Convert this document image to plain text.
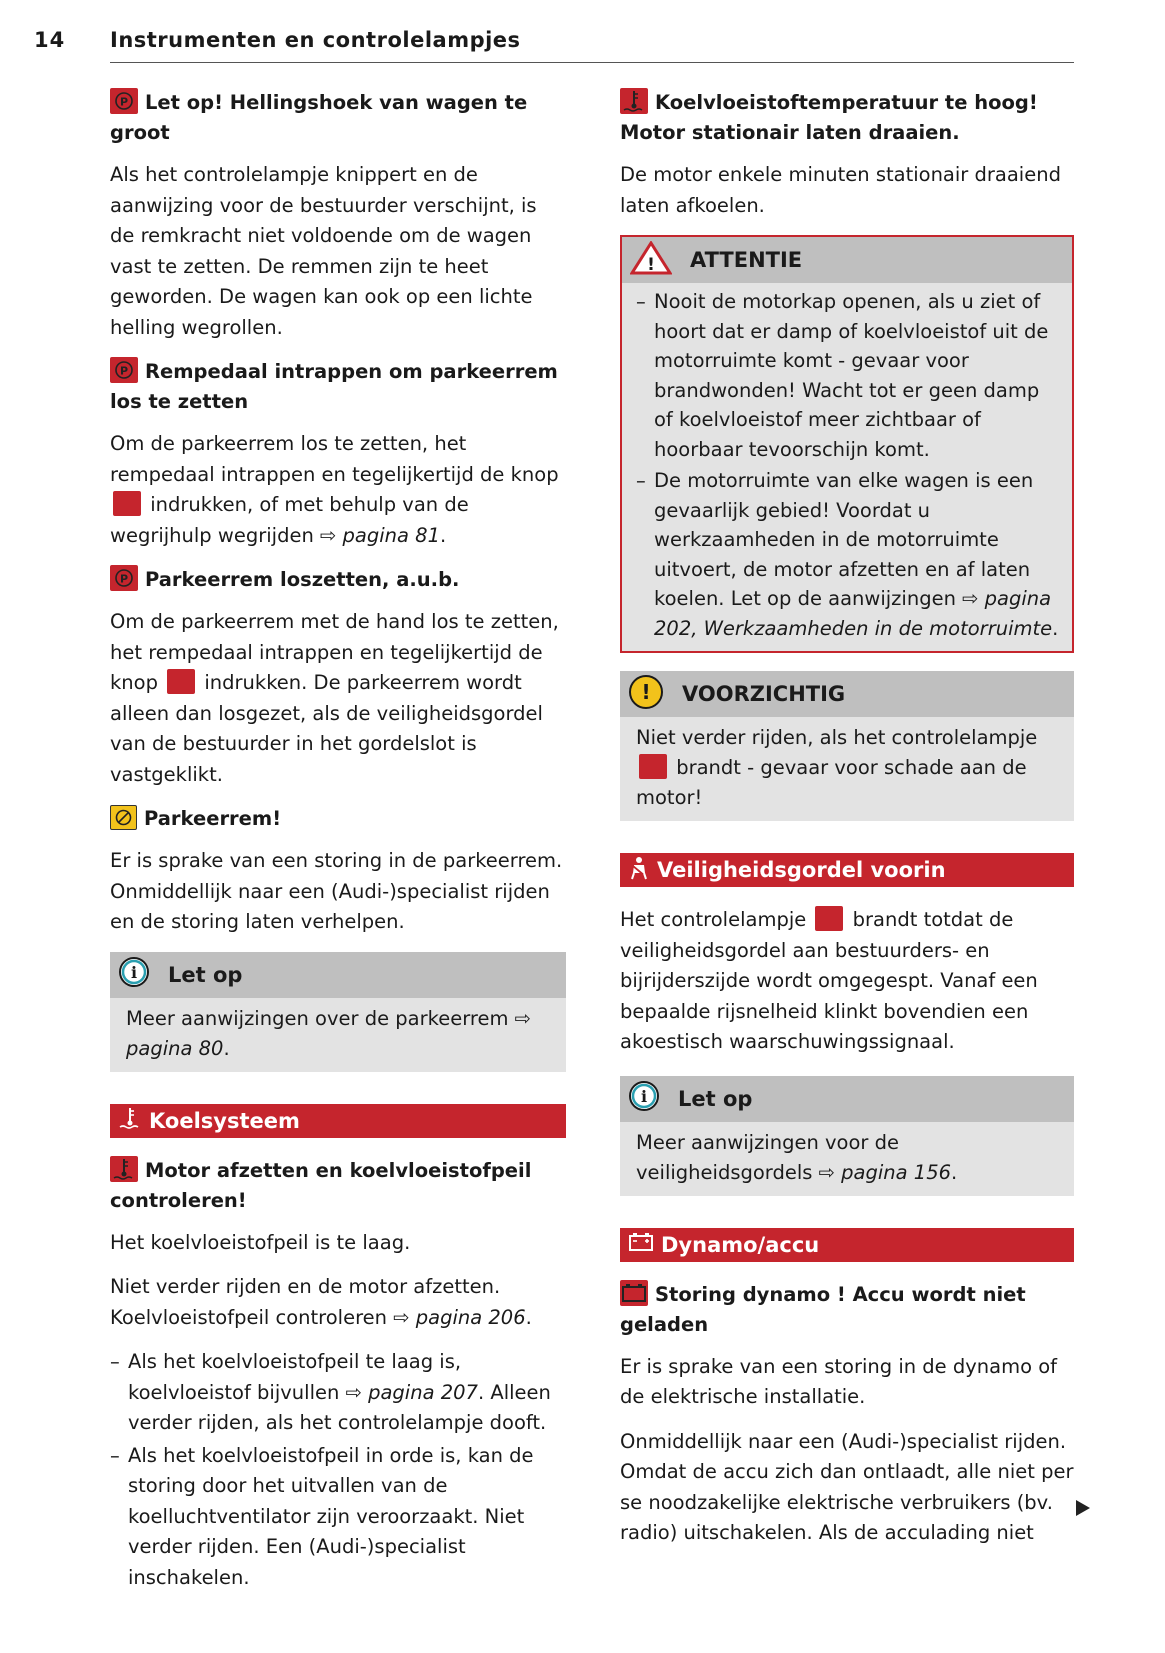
14 Instrumenten en controlelampjes
P Let op! Hellingshoek van wagen te groot

Als het controlelampje knippert en de aanwijzing voor de bestuurder verschijnt, is de remkracht niet voldoende om de wagen vast te zetten. De remmen zijn te heet geworden. De wagen kan ook op een lichte helling wegrollen.

P Rempedaal intrappen om parkeerrem los te zetten

Om de parkeerrem los te zetten, het rempedaal intrappen en tegelijkertijd de knop  indrukken, of met behulp van de wegrijhulp wegrijden ⇨ pagina 81.

P Parkeerrem loszetten, a.u.b.

Om de parkeerrem met de hand los te zetten, het rempedaal intrappen en tegelijkertijd de knop indrukken. De parkeerrem wordt alleen dan losgezet, als de veiligheidsgordel van de bestuurder in het gordelslot is vastgeklikt.

Parkeerrem!

Er is sprake van een storing in de parkeerrem. Onmiddellijk naar een (Audi-)specialist rijden en de storing laten verhelpen.

i Let op
Meer aanwijzingen over de parkeerrem ⇨ pagina 80.
Koelsysteem
Motor afzetten en koelvloeistofpeil controleren!

Het koelvloeistofpeil is te laag.

Niet verder rijden en de motor afzetten. Koelvloeistofpeil controleren ⇨ pagina 206.

– Als het koelvloeistofpeil te laag is, koelvloeistof bijvullen ⇨ pagina 207. Alleen verder rijden, als het controlelampje dooft.
– Als het koelvloeistofpeil in orde is, kan de storing door het uitvallen van de koelluchtventilator zijn veroorzaakt. Niet verder rijden. Een (Audi-)specialist inschakelen.
Koelvloeistoftemperatuur te hoog! Motor stationair laten draaien.

De motor enkele minuten stationair draaiend laten afkoelen.

! ATTENTIE
– Nooit de motorkap openen, als u ziet of hoort dat er damp of koelvloeistof uit de motorruimte komt - gevaar voor brandwonden! Wacht tot er geen damp of koelvloeistof meer zichtbaar of hoorbaar tevoorschijn komt.
– De motorruimte van elke wagen is een gevaarlijk gebied! Voordat u werkzaamheden in de motorruimte uitvoert, de motor afzetten en af laten koelen. Let op de aanwijzingen ⇨ pagina 202, Werkzaamheden in de motorruimte.
! VOORZICHTIG
Niet verder rijden, als het controlelampje  brandt - gevaar voor schade aan de motor!
Veiligheidsgordel voorin

Het controlelampje brandt totdat de veiligheidsgordel aan bestuurders- en bijrijderszijde wordt omgegespt. Vanaf een bepaalde rijsnelheid klinkt bovendien een akoestisch waarschuwingssignaal.

i Let op
Meer aanwijzingen voor de veiligheidsgordels ⇨ pagina 156.
Dynamo/accu
Storing dynamo ! Accu wordt niet geladen

Er is sprake van een storing in de dynamo of de elektrische installatie.

Onmiddellijk naar een (Audi-)specialist rijden. Omdat de accu zich dan ontlaadt, alle niet per se noodzakelijke elektrische verbruikers (bv. radio) uitschakelen. Als de acculading niet
